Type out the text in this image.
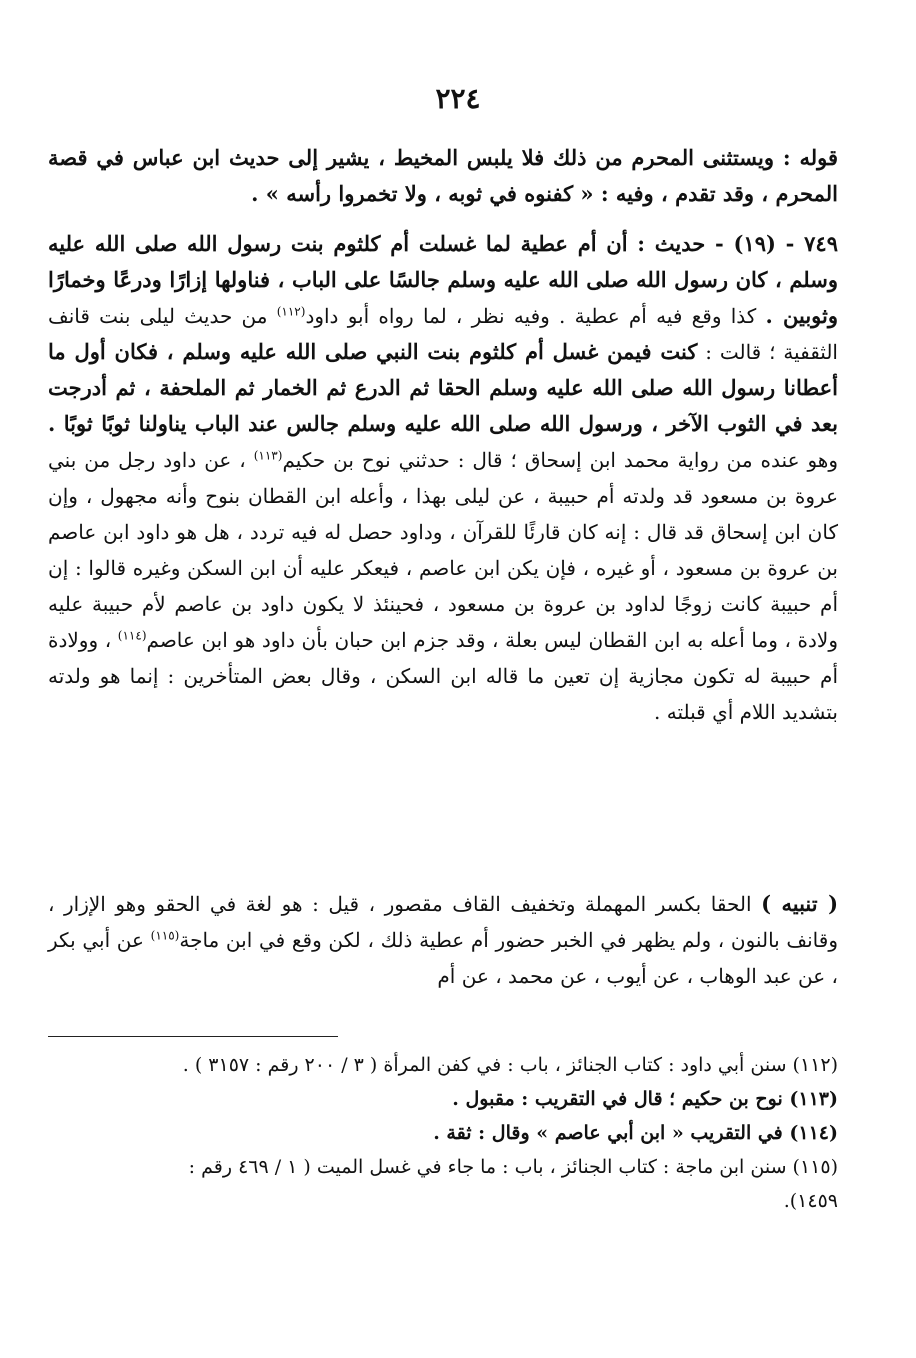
٢٢٤

قوله : ويستثنى المحرم من ذلك فلا يلبس المخيط ، يشير إلى حديث ابن عباس في قصة المحرم ، وقد تقدم ، وفيه : « كفنوه في ثوبه ، ولا تخمروا رأسه » .

٧٤٩ - (١٩) - حديث : أن أم عطية لما غسلت أم كلثوم بنت رسول الله صلى الله عليه وسلم ، كان رسول الله صلى الله عليه وسلم جالسًا على الباب ، فناولها إزارًا ودرعًا وخمارًا وثوبين . كذا وقع فيه أم عطية . وفيه نظر ، لما رواه أبو داود$^{(١١٢)}$ من حديث ليلى بنت قانف الثقفية ؛ قالت : كنت فيمن غسل أم كلثوم بنت النبي صلى الله عليه وسلم ، فكان أول ما أعطانا رسول الله صلى الله عليه وسلم الحقا ثم الدرع ثم الخمار ثم الملحفة ، ثم أدرجت بعد في الثوب الآخر ، ورسول الله صلى الله عليه وسلم جالس عند الباب يناولنا ثوبًا ثوبًا . وهو عنده من رواية محمد ابن إسحاق ؛ قال : حدثني نوح بن حكيم$^{(١١٣)}$ ، عن داود رجل من بني عروة بن مسعود قد ولدته أم حبيبة ، عن ليلى بهذا ، وأعله ابن القطان بنوح وأنه مجهول ، وإن كان ابن إسحاق قد قال : إنه كان قارئًا للقرآن ، وداود حصل له فيه تردد ، هل هو داود ابن عاصم بن عروة بن مسعود ، أو غيره ، فإن يكن ابن عاصم ، فيعكر عليه أن ابن السكن وغيره قالوا : إن أم حبيبة كانت زوجًا لداود بن عروة بن مسعود ، فحينئذ لا يكون داود بن عاصم لأم حبيبة عليه ولادة ، وما أعله به ابن القطان ليس بعلة ، وقد جزم ابن حبان بأن داود هو ابن عاصم$^{(١١٤)}$ ، وولادة أم حبيبة له تكون مجازية إن تعين ما قاله ابن السكن ، وقال بعض المتأخرين : إنما هو ولدته بتشديد اللام أي قبلته .

( تنبيه ) الحقا بكسر المهملة وتخفيف القاف مقصور ، قيل : هو لغة في الحقو وهو الإزار ، وقانف بالنون ، ولم يظهر في الخبر حضور أم عطية ذلك ، لكن وقع في ابن ماجة$^{(١١٥)}$ عن أبي بكر ، عن عبد الوهاب ، عن أيوب ، عن محمد ، عن أم

(١١٢) سنن أبي داود : كتاب الجنائز ، باب : في كفن المرأة ( ٣ / ٢٠٠ رقم : ٣١٥٧ ) .

(١١٣) نوح بن حكيم ؛ قال في التقريب : مقبول .

(١١٤) في التقريب « ابن أبي عاصم » وقال : ثقة .

(١١٥) سنن ابن ماجة : كتاب الجنائز ، باب : ما جاء في غسل الميت ( ١ / ٤٦٩ رقم :

١٤٥٩).
